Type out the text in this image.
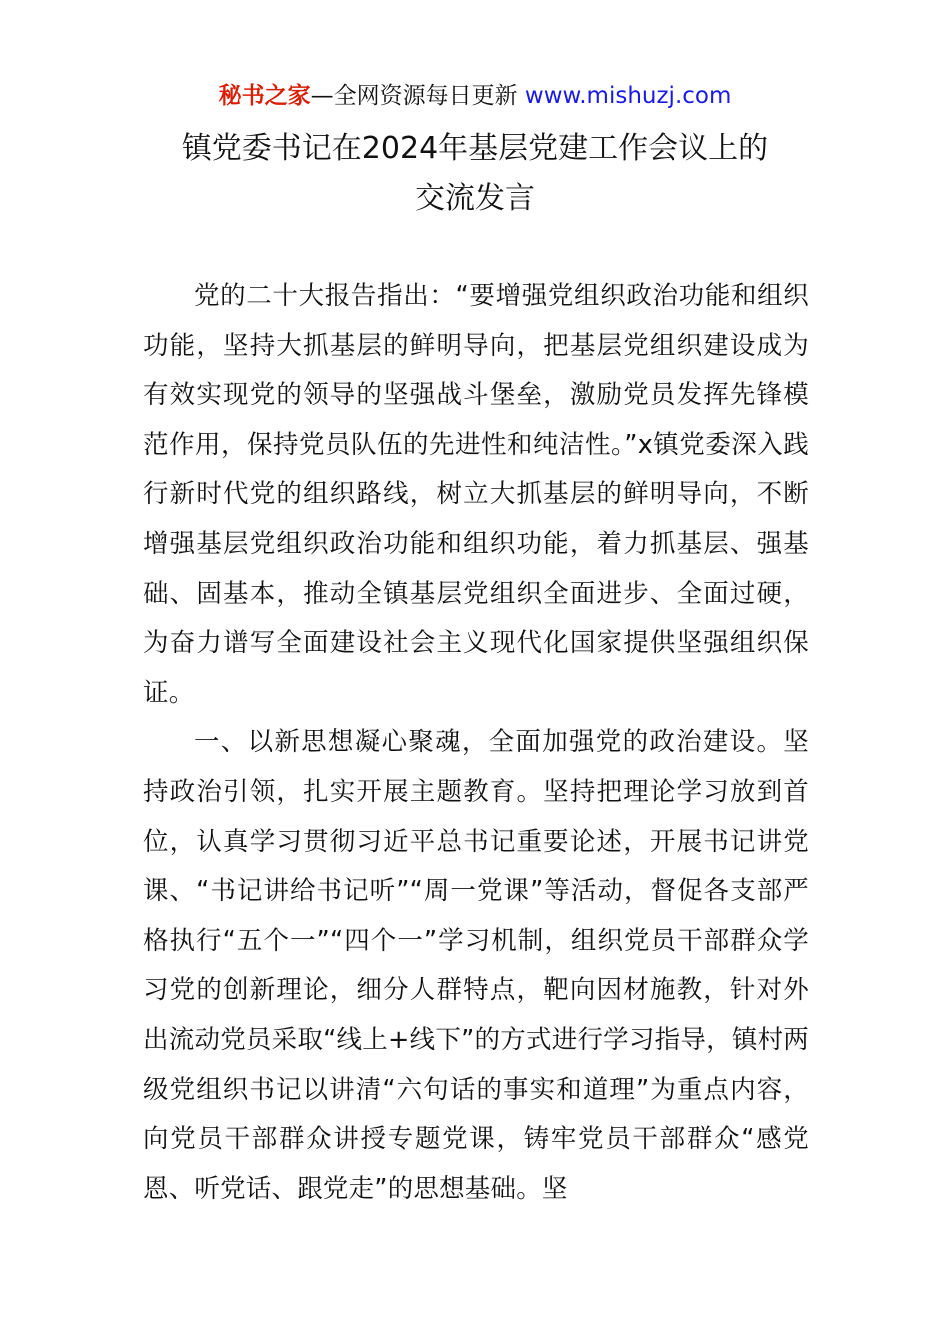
秘书之家—全网资源每日更新 www.mishuzj.com
镇党委书记在2024年基层党建工作会议上的
交流发言

党的二十大报告指出：“要增强党组织政治功能和组织功能，坚持大抓基层的鲜明导向，把基层党组织建设成为有效实现党的领导的坚强战斗堡垒，激励党员发挥先锋模范作用，保持党员队伍的先进性和纯洁性。”x镇党委深入践行新时代党的组织路线，树立大抓基层的鲜明导向，不断增强基层党组织政治功能和组织功能，着力抓基层、强基础、固基本，推动全镇基层党组织全面进步、全面过硬，为奋力谱写全面建设社会主义现代化国家提供坚强组织保证。

一、以新思想凝心聚魂，全面加强党的政治建设。坚持政治引领，扎实开展主题教育。坚持把理论学习放到首位，认真学习贯彻习近平总书记重要论述，开展书记讲党课、“书记讲给书记听”“周一党课”等活动，督促各支部严格执行“五个一”“四个一”学习机制，组织党员干部群众学习党的创新理论，细分人群特点，靶向因材施教，针对外出流动党员采取“线上+线下”的方式进行学习指导，镇村两级党组织书记以讲清“六句话的事实和道理”为重点内容，向党员干部群众讲授专题党课，铸牢党员干部群众“感党恩、听党话、跟党走”的思想基础。坚
